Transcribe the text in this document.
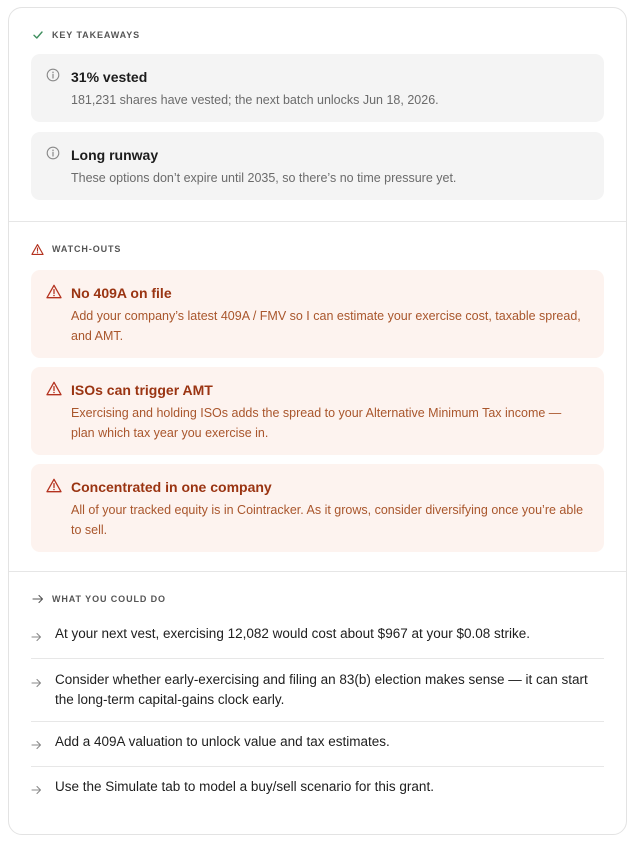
KEY TAKEAWAYS
31% vested
181,231 shares have vested; the next batch unlocks Jun 18, 2026.
Long runway
These options don’t expire until 2035, so there’s no time pressure yet.
WATCH-OUTS
No 409A on file
Add your company’s latest 409A / FMV so I can estimate your exercise cost, taxable spread, and AMT.
ISOs can trigger AMT
Exercising and holding ISOs adds the spread to your Alternative Minimum Tax income — plan which tax year you exercise in.
Concentrated in one company
All of your tracked equity is in Cointracker. As it grows, consider diversifying once you’re able to sell.
WHAT YOU COULD DO
At your next vest, exercising 12,082 would cost about $967 at your $0.08 strike.
Consider whether early-exercising and filing an 83(b) election makes sense — it can start the long-term capital-gains clock early.
Add a 409A valuation to unlock value and tax estimates.
Use the Simulate tab to model a buy/sell scenario for this grant.
